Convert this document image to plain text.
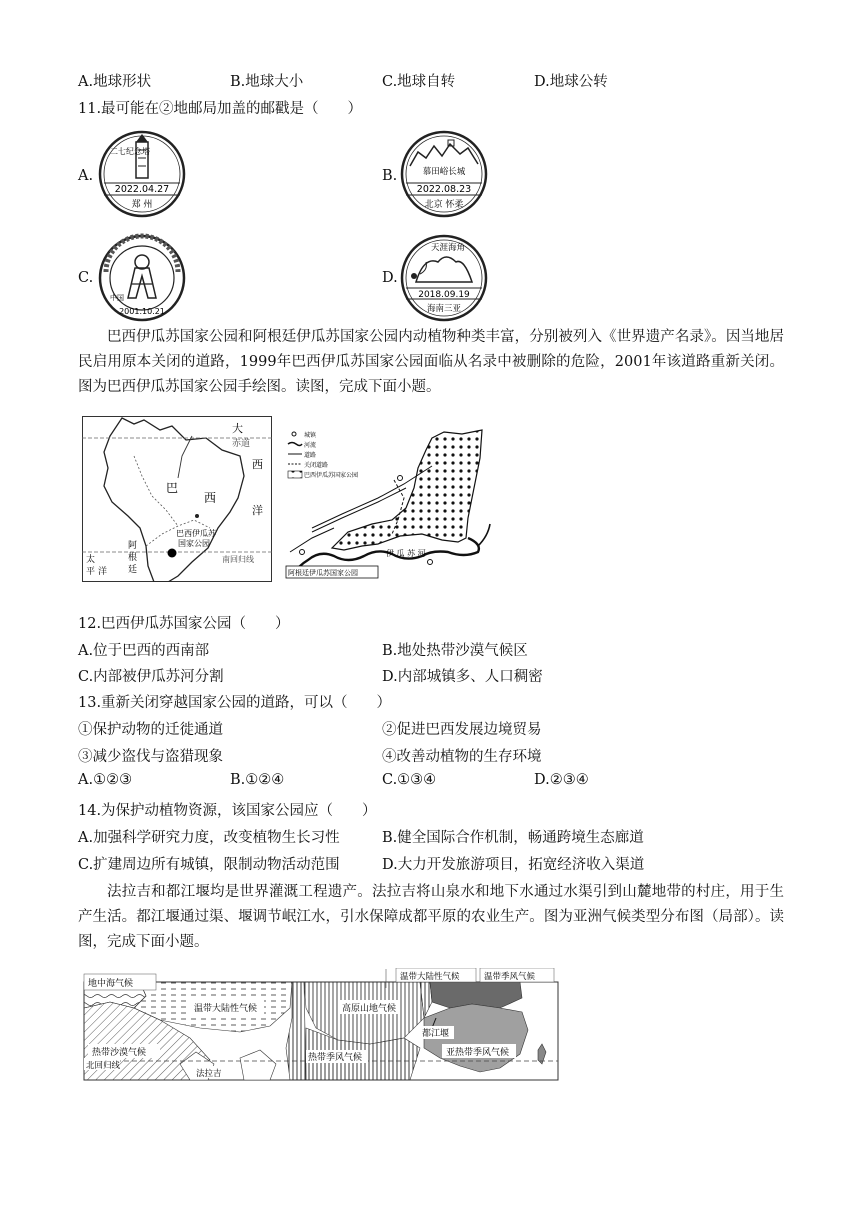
A.地球形状	B.地球大小	C.地球自转	D.地球公转
11.最可能在②地邮局加盖的邮戳是（　　）
A.	B.
C.	D.
二七纪念塔
2022.04.27
郑 州
慕田峪长城
2022.08.23
北京 怀柔
中国
2001.10.21
天涯海角
2018.09.19
海南三亚
巴西伊瓜苏国家公园和阿根廷伊瓜苏国家公园内动植物种类丰富，分别被列入《世界遗产名录》。因当地居民启用原本关闭的道路，1999年巴西伊瓜苏国家公园面临从名录中被删除的危险，2001年该道路重新关闭。图为巴西伊瓜苏国家公园手绘图。读图，完成下面小题。
大
赤道
西
洋
巴
西
巴西伊瓜苏
国家公园
阿
根
廷
太
平 洋
南回归线
城镇
河流
道路
关闭道路
巴西伊瓜苏国家公园
伊 瓜 苏 河
阿根廷伊瓜苏国家公园
12.巴西伊瓜苏国家公园（　　）
A.位于巴西的西南部	B.地处热带沙漠气候区
C.内部被伊瓜苏河分割	D.内部城镇多、人口稠密
13.重新关闭穿越国家公园的道路，可以（　　）
①保护动物的迁徙通道	②促进巴西发展边境贸易
③减少盗伐与盗猎现象	④改善动植物的生存环境
A.①②③	B.①②④	C.①③④	D.②③④
14.为保护动植物资源，该国家公园应（　　）
A.加强科学研究力度，改变植物生长习性	B.健全国际合作机制，畅通跨境生态廊道
C.扩建周边所有城镇，限制动物活动范围	D.大力开发旅游项目，拓宽经济收入渠道
法拉吉和都江堰均是世界灌溉工程遗产。法拉吉将山泉水和地下水通过水渠引到山麓地带的村庄，用于生产生活。都江堰通过渠、堰调节岷江水，引水保障成都平原的农业生产。图为亚洲气候类型分布图（局部）。读图，完成下面小题。
地中海气候
温带大陆性气候	温带季风气候
温带大陆性气候	高原山地气候
都江堰
热带沙漠气候	热带季风气候	亚热带季风气候
北回归线
法拉吉
